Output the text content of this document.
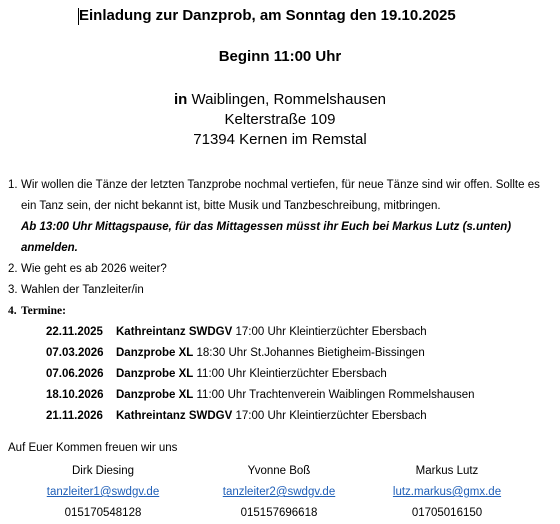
Einladung zur Danzprob, am Sonntag den 19.10.2025
Beginn 11:00 Uhr
in Waiblingen, Rommelshausen
Kelterstraße 109
71394 Kernen im Remstal
1. Wir wollen die Tänze der letzten Tanzprobe nochmal vertiefen, für neue Tänze sind wir offen. Sollte es ein Tanz sein, der nicht bekannt ist, bitte Musik und Tanzbeschreibung, mitbringen.
Ab 13:00 Uhr Mittagspause, für das Mittagessen müsst ihr Euch bei Markus Lutz (s.unten) anmelden.
2. Wie geht es ab 2026 weiter?
3. Wahlen der Tanzleiter/in
4. Termine:
22.11.2025 Kathreintanz SWDGV 17:00 Uhr Kleintierzüchter Ebersbach
07.03.2026 Danzprobe XL 18:30 Uhr St.Johannes Bietigheim-Bissingen
07.06.2026 Danzprobe XL 11:00 Uhr Kleintierzüchter Ebersbach
18.10.2026 Danzprobe XL 11:00 Uhr Trachtenverein Waiblingen Rommelshausen
21.11.2026 Kathreintanz SWDGV 17:00 Uhr Kleintierzüchter Ebersbach
Auf Euer Kommen freuen wir uns
Dirk Diesing
tanzleiter1@swdgv.de
015170548128
Yvonne Boß
tanzleiter2@swdgv.de
015157696618
Markus Lutz
lutz.markus@gmx.de
01705016150
